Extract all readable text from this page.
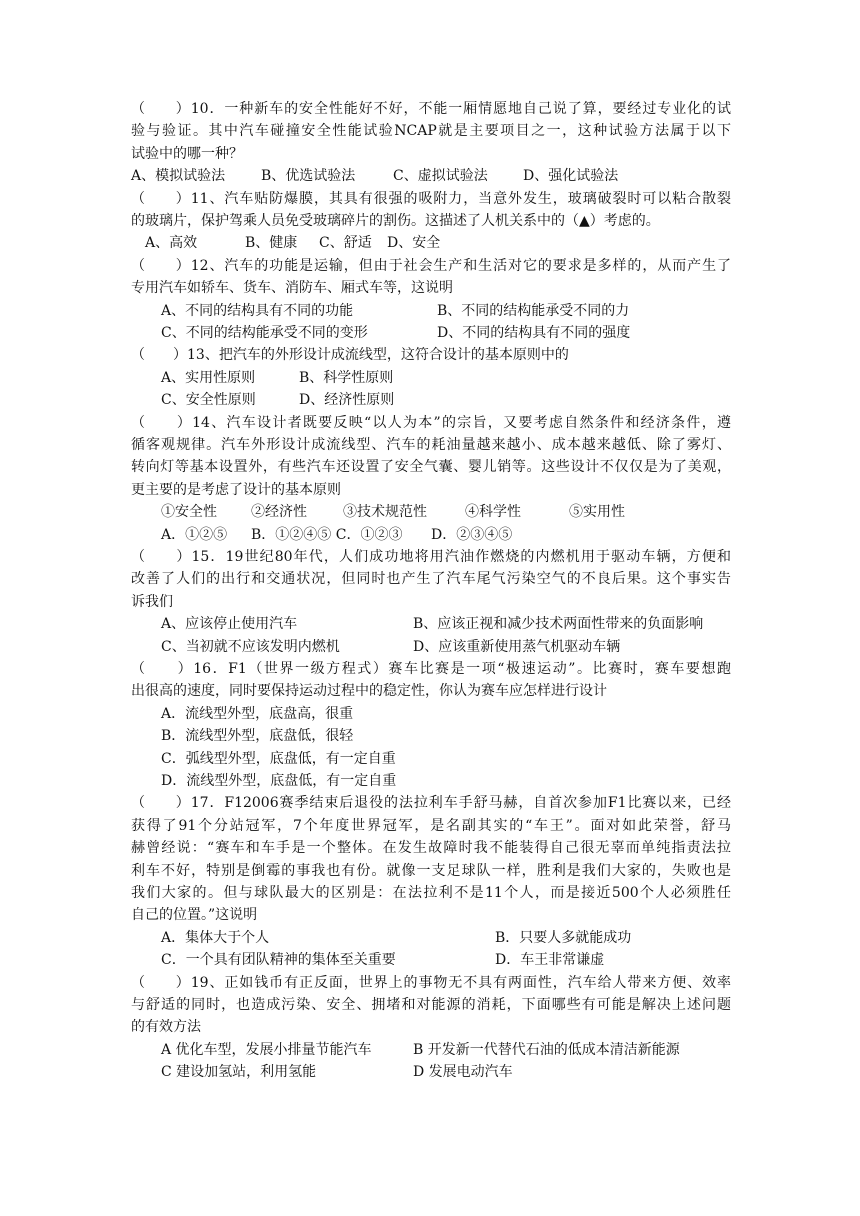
（　　）10．一种新车的安全性能好不好，不能一厢情愿地自己说了算，要经过专业化的试
验与验证。其中汽车碰撞安全性能试验NCAP就是主要项目之一，这种试验方法属于以下
试验中的哪一种？
A、模拟试验法	B、优选试验法	C、虚拟试验法	D、强化试验法
（　　）11、汽车贴防爆膜，其具有很强的吸附力，当意外发生，玻璃破裂时可以粘合散裂
的玻璃片，保护驾乘人员免受玻璃碎片的割伤。这描述了人机关系中的（▲）考虑的。
A、高效	B、健康 C、舒适 D、安全
（　　）12、汽车的功能是运输，但由于社会生产和生活对它的要求是多样的，从而产生了
专用汽车如轿车、货车、消防车、厢式车等，这说明
A、不同的结构具有不同的功能	B、不同的结构能承受不同的力
C、不同的结构能承受不同的变形	D、不同的结构具有不同的强度
（　　）13、把汽车的外形设计成流线型，这符合设计的基本原则中的
A、实用性原则	B、科学性原则
C、安全性原则	D、经济性原则
（　　）14、汽车设计者既要反映“以人为本”的宗旨，又要考虑自然条件和经济条件，遵
循客观规律。汽车外形设计成流线型、汽车的耗油量越来越小、成本越来越低、除了雾灯、
转向灯等基本设置外，有些汽车还设置了安全气囊、婴儿销等。这些设计不仅仅是为了美观，
更主要的是考虑了设计的基本原则
①安全性 ②经济性	③技术规范性	④科学性	⑤实用性
A．①②⑤ B．①②④⑤ C．①②③ D．②③④⑤
（　　）15．19世纪80年代，人们成功地将用汽油作燃烧的内燃机用于驱动车辆，方便和
改善了人们的出行和交通状况，但同时也产生了汽车尾气污染空气的不良后果。这个事实告
诉我们
A、应该停止使用汽车	B、应该正视和减少技术两面性带来的负面影响
C、当初就不应该发明内燃机	D、应该重新使用蒸气机驱动车辆
（　　）16．F1（世界一级方程式）赛车比赛是一项“极速运动”。比赛时，赛车要想跑
出很高的速度，同时要保持运动过程中的稳定性，你认为赛车应怎样进行设计
A．流线型外型，底盘高，很重
B．流线型外型，底盘低，很轻
C．弧线型外型，底盘低，有一定自重
D．流线型外型，底盘低，有一定自重
（　　）17．F12006赛季结束后退役的法拉利车手舒马赫，自首次参加F1比赛以来，已经
获得了91个分站冠军，7个年度世界冠军，是名副其实的“车王”。面对如此荣誉，舒马
赫曾经说：“赛车和车手是一个整体。在发生故障时我不能装得自己很无辜而单纯指责法拉
利车不好，特别是倒霉的事我也有份。就像一支足球队一样，胜利是我们大家的，失败也是
我们大家的。但与球队最大的区别是：在法拉利不是11个人，而是接近500个人必须胜任
自己的位置。”这说明
A．集体大于个人	B．只要人多就能成功
C．一个具有团队精神的集体至关重要	D．车王非常谦虚
（　　）19、正如钱币有正反面，世界上的事物无不具有两面性，汽车给人带来方便、效率
与舒适的同时，也造成污染、安全、拥堵和对能源的消耗，下面哪些有可能是解决上述问题
的有效方法
A 优化车型，发展小排量节能汽车	B 开发新一代替代石油的低成本清洁新能源
C 建设加氢站，利用氢能	D 发展电动汽车
